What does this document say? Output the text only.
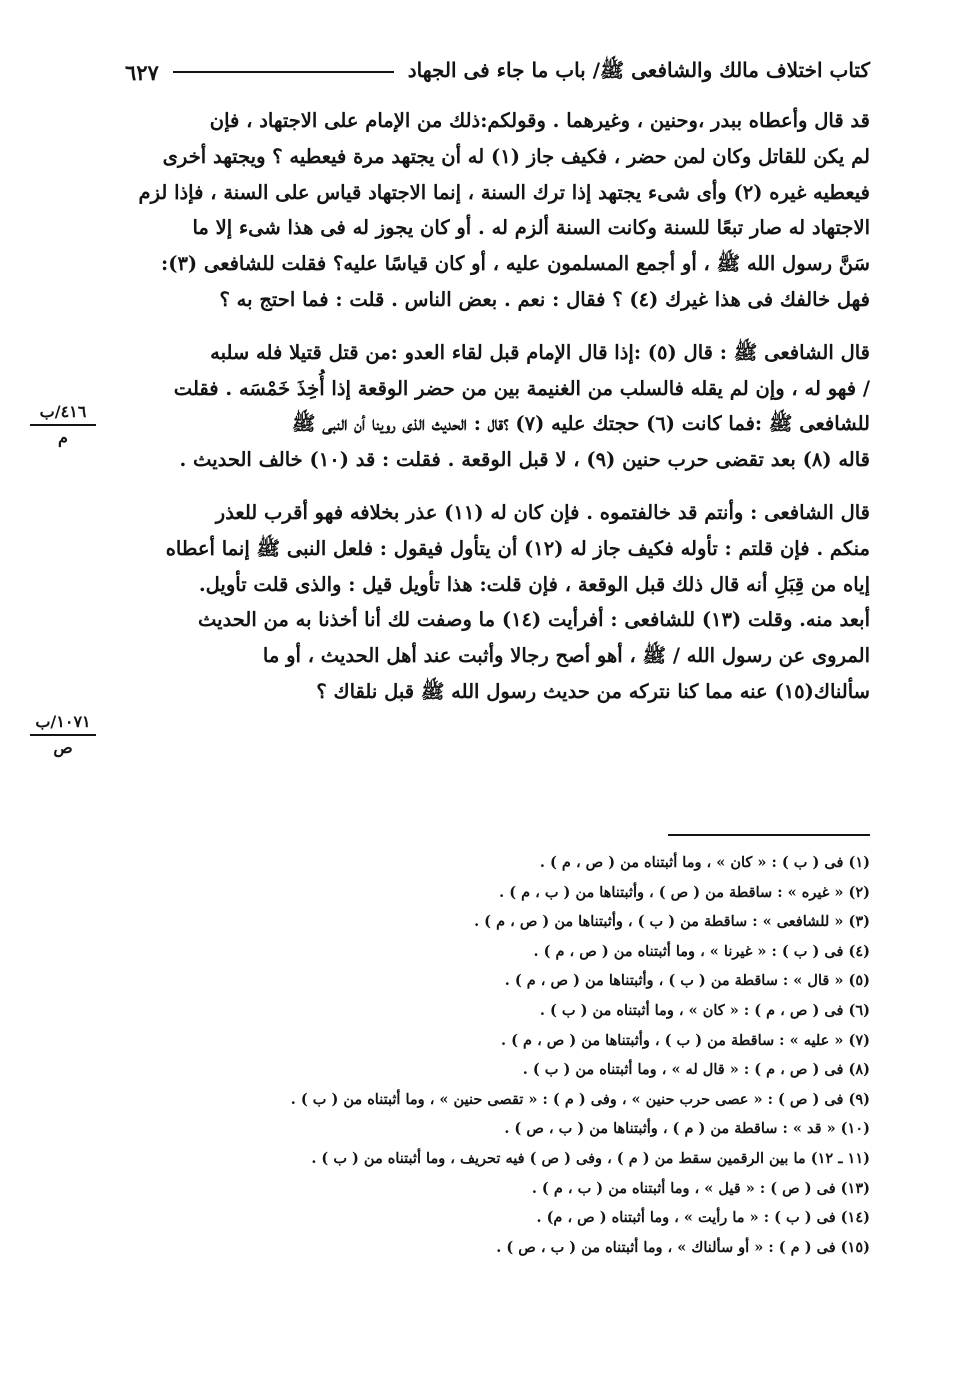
كتاب اختلاف مالك والشافعى ﷺ/ باب ما جاء فى الجهاد
٦٢٧

قد قال وأعطاه ببدر ،وحنين ، وغيرهما . وقولكم:ذلك من الإمام على الاجتهاد ، فإن

لم يكن للقاتل وكان لمن حضر ، فكيف جاز (١) له أن يجتهد مرة فيعطيه ؟ ويجتهد أخرى

فيعطيه غيره (٢) وأى شىء يجتهد إذا ترك السنة ، إنما الاجتهاد قياس على السنة ، فإذا لزم

الاجتهاد له صار تبعًا للسنة وكانت السنة ألزم له . أو كان يجوز له فى هذا شىء إلا ما

سَنَّ رسول الله ﷺ ، أو أجمع المسلمون عليه ، أو كان قياسًا عليه؟ فقلت للشافعى (٣):

فهل خالفك فى هذا غيرك (٤) ؟ فقال : نعم . بعض الناس . قلت : فما احتج به ؟

قال الشافعى ﷺ : قال (٥) :إذا قال الإمام قبل لقاء العدو :من قتل قتيلا فله سلبه

/ فهو له ، وإن لم يقله فالسلب من الغنيمة بين من حضر الوقعة إذا أُخِذَ خَمْسَه . فقلت

للشافعى ﷺ :فما كانت (٦) حجتك عليه (٧) ؟قال : الحديث الذى روينا أن النبى ﷺ

قاله (٨) بعد تقضى حرب حنين (٩) ، لا قبل الوقعة . فقلت : قد (١٠) خالف الحديث .

قال الشافعى : وأنتم قد خالفتموه . فإن كان له (١١) عذر بخلافه فهو أقرب للعذر

منكم . فإن قلتم : تأوله فكيف جاز له (١٢) أن يتأول فيقول : فلعل النبى ﷺ إنما أعطاه

إياه من قِبَلِ أنه قال ذلك قبل الوقعة ، فإن قلت: هذا تأويل قيل : والذى قلت تأويل.

أبعد منه. وقلت (١٣) للشافعى : أفرأيت (١٤) ما وصفت لك أنا أخذنا به من الحديث

المروى عن رسول الله / ﷺ ، أهو أصح رجالا وأثبت عند أهل الحديث ، أو ما

سألناك(١٥) عنه مما كنا نتركه من حديث رسول الله ﷺ قبل نلقاك ؟

٤١٦/ب
م
١٠٧١/ب
ص

(١) فى ( ب ) : « كان » ، وما أثبتناه من ( ص ، م ) .

(٢) « غيره » : ساقطة من ( ص ) ، وأثبتناها من ( ب ، م ) .

(٣) « للشافعى » : ساقطة من ( ب ) ، وأثبتناها من ( ص ، م ) .

(٤) فى ( ب ) : « غيرنا » ، وما أثبتناه من ( ص ، م ) .

(٥) « قال » : ساقطة من ( ب ) ، وأثبتناها من ( ص ، م ) .

(٦) فى ( ص ، م ) : « كان » ، وما أثبتناه من ( ب ) .

(٧) « عليه » : ساقطة من ( ب ) ، وأثبتناها من ( ص ، م ) .

(٨) فى ( ص ، م ) : « قال له » ، وما أثبتناه من ( ب ) .

(٩) فى ( ص ) : « عصى حرب حنين » ، وفى ( م ) : « تقصى حنين » ، وما أثبتناه من ( ب ) .

(١٠) « قد » : ساقطة من ( م ) ، وأثبتناها من ( ب ، ص ) .

(١١ ـ ١٢) ما بين الرقمين سقط من ( م ) ، وفى ( ص ) فيه تحريف ، وما أثبتناه من ( ب ) .

(١٣) فى ( ص ) : « قيل » ، وما أثبتناه من ( ب ، م ) .

(١٤) فى ( ب ) : « ما رأيت » ، وما أثبتناه ( ص ، م) .

(١٥) فى ( م ) : « أو سألناك » ، وما أثبتناه من ( ب ، ص ) .
